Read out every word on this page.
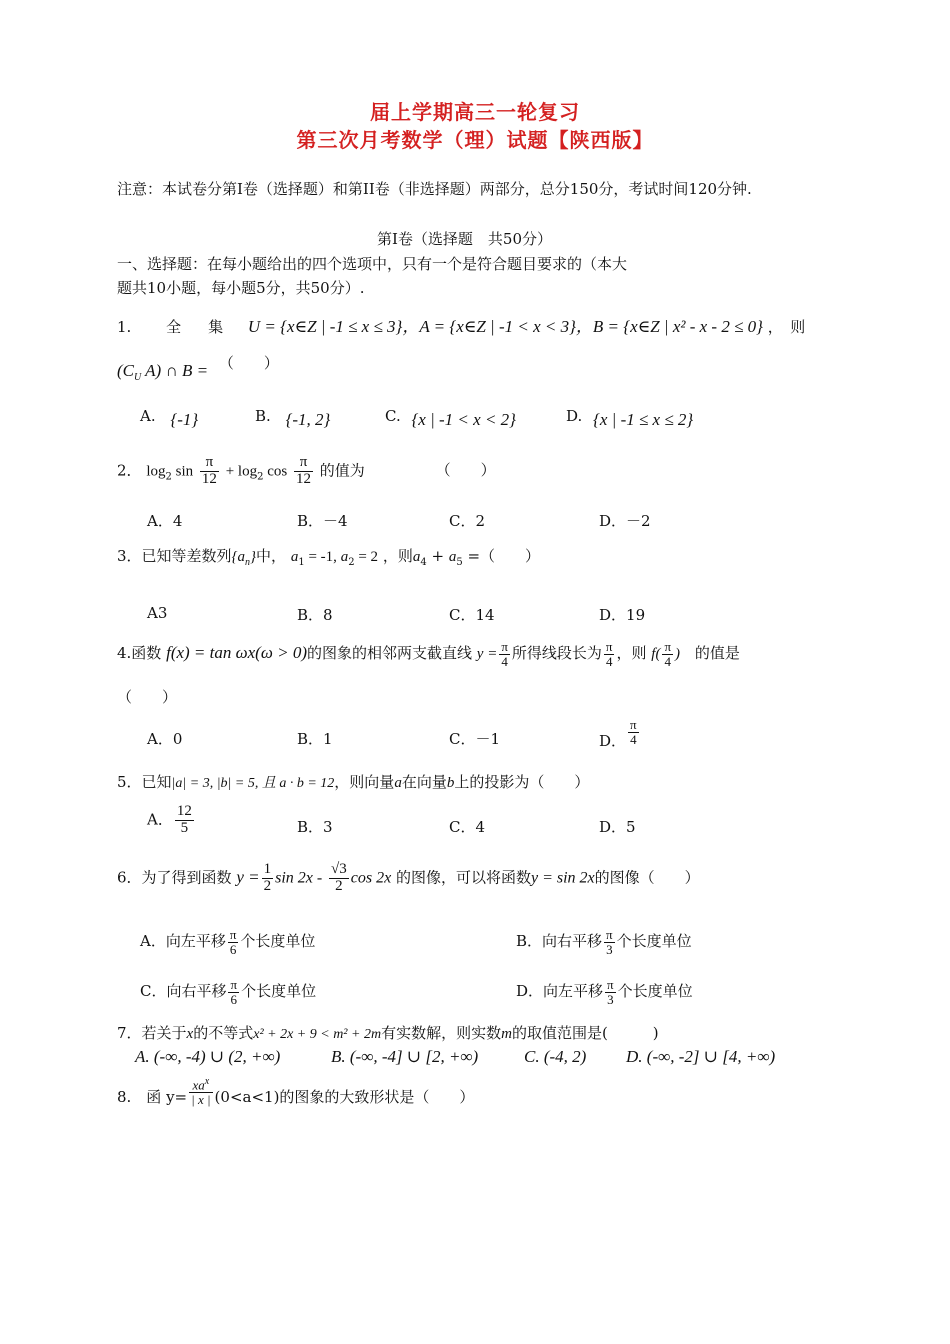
届上学期高三一轮复习
第三次月考数学（理）试题【陕西版】
注意：本试卷分第I卷（选择题）和第II卷（非选择题）两部分，总分150分，考试时间120分钟.
第I卷（选择题　共50分）
一、选择题：在每小题给出的四个选项中，只有一个是符合题目要求的（本大
题共10小题，每小题5分，共50分）.
1. 全　集 U = {x∈Z | -1 ≤ x ≤ 3}，A = {x∈Z | -1 < x < 3}，B = {x∈Z | x² - x - 2 ≤ 0} ，　则
($C_U$ A) ∩ B = （　　）
A. {-1}	B. {-1, 2}	C. {x | -1 < x < 2}	D. {x | -1 ≤ x ≤ 2}
2． $\log_2 \sin \frac{\pi}{12} + \log_2 \cos \frac{\pi}{12}$ 的值为	（　　）
A．4	B．－4	C．2	D．－2
3．已知等差数列$\{a_n\}$中， $a_1 = -1$, $a_2 = 2$ ，则$a_4 + a_5$ =（　　）
A3	B．8	C．14	D．19
4.函数 f(x) = tan ωx(ω > 0)的图象的相邻两支截直线 $y = \frac{\pi}{4}$ 所得线段长为 $\frac{\pi}{4}$ ，则 $f( \frac{\pi}{4}$ ) 的值是
（　　）
A．0	B．1	C．－1	D． $\frac{\pi}{4}$
5．已知|a| = 3, |b| = 5, 且 a · b = 12，则向量a在向量b上的投影为（　　）
A． $\frac{12}{5}$	B．3	C．4	D．5
6．为了得到函数 $y = \frac{1}{2}$ $\sin 2x - \frac{√3}{2}$ cos 2x 的图像，可以将函数y = sin 2x的图像（　　）
A．向左平移 $\frac{\pi}{6}$ 个长度单位	B．向右平移 $\frac{\pi}{3}$ 个长度单位
C．向右平移 $\frac{\pi}{6}$ 个长度单位	D．向左平移 $\frac{\pi}{3}$ 个长度单位
7．若关于x的不等式x² + 2x + 9 < m² + 2m有实数解，则实数m的取值范围是(　　　)
A. (-∞, -4) ∪ (2, +∞)	B. (-∞, -4] ∪ [2, +∞)	C. (-4, 2) D. (-∞, -2] ∪ [4, +∞)
8.　函 $y= \frac{xa^x}{| x |} (0<a<1)$的图象的大致形状是（　　）
